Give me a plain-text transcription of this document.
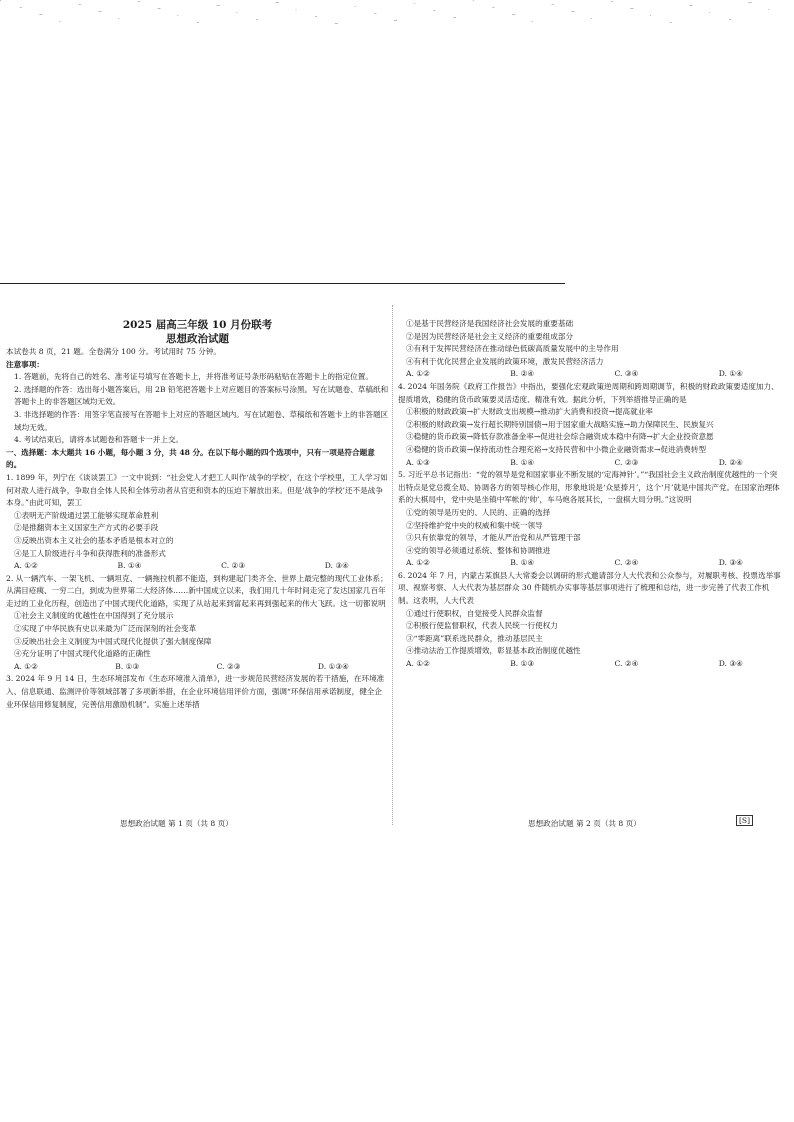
2025 届高三年级 10 月份联考
思想政治试题

本试卷共 8 页，21 题。全卷满分 100 分。考试用时 75 分钟。

注意事项：

1. 答题前，先将自己的姓名、准考证号填写在答题卡上，并将准考证号条形码粘贴在答题卡上的指定位置。

2. 选择题的作答：选出每小题答案后，用 2B 铅笔把答题卡上对应题目的答案标号涂黑。写在试题卷、草稿纸和答题卡上的非答题区域均无效。

3. 非选择题的作答：用签字笔直接写在答题卡上对应的答题区域内。写在试题卷、草稿纸和答题卡上的非答题区域均无效。

4. 考试结束后，请将本试题卷和答题卡一并上交。

一、选择题：本大题共 16 小题，每小题 3 分，共 48 分。在以下每小题的四个选项中，只有一项是符合题意的。

1. 1899 年，列宁在《谈谈罢工》一文中说到：“社会党人才把工人叫作‘战争的学校’，在这个学校里，工人学习如何对敌人进行战争，争取自全体人民和全体劳动者从官吏和资本的压迫下解放出来。但是‘战争的学校’还不是战争本身。”由此可知，罢工

①表明无产阶级通过罢工能够实现革命胜利

②是推翻资本主义国家生产方式的必要手段

③反映出资本主义社会的基本矛盾是根本对立的

④是工人阶级进行斗争和获得胜利的准备形式

A. ①②	B. ①④	C. ②③	D. ③④

2. 从一辆汽车、一架飞机、一辆坦克、一辆拖拉机都不能造，到构建起门类齐全、世界上最完整的现代工业体系；从满目疮痍、一穷二白，到成为世界第二大经济体……新中国成立以来，我们用几十年时间走完了发达国家几百年走过的工业化历程，创造出了中国式现代化道路，实现了从站起来到富起来再到强起来的伟大飞跃。这一切都说明

①社会主义制度的优越性在中国得到了充分展示

②实现了中华民族有史以来最为广泛而深刻的社会变革

③反映出社会主义制度为中国式现代化提供了强大制度保障

④充分证明了中国式现代化道路的正确性

A. ①②	B. ①③	C. ②③	D. ①③④

3. 2024 年 9 月 14 日，生态环境部发布《生态环境准入清单》，进一步规范民营经济发展的若干措施，在环境准入、信息联通、监测评价等领域部署了多项新举措，在企业环境信用评价方面，强调“环保信用承诺制度，健全企业环保信用修复制度，完善信用激励机制”。实施上述举措

①是基于民营经济是我国经济社会发展的重要基础

②是因为民营经济是社会主义经济的重要组成部分

③有利于发挥民营经济在推动绿色低碳高质量发展中的主导作用

④有利于优化民营企业发展的政策环境，激发民营经济活力

A. ①②	B. ②④	C. ③④	D. ①④

4. 2024 年国务院《政府工作报告》中指出，要强化宏观政策逆周期和跨周期调节，积极的财政政策要适度加力、提质增效，稳健的货币政策要灵活适度、精准有效。据此分析，下列举措推导正确的是

①积极的财政政策→扩大财政支出规模→推动扩大消费和投资→提高就业率

②积极的财政政策→发行超长期特别国债→用于国家重大战略实施→助力保障民生、民族复兴

③稳健的货币政策→降低存款准备金率→促进社会综合融资成本稳中有降→扩大企业投资意愿

④稳健的货币政策→保持流动性合理充裕→支持民营和中小微企业融资需求→促进消费转型

A. ①③	B. ①④	C. ②③	D. ②④

5. 习近平总书记指出：“党的领导是党和国家事业不断发展的‘定海神针’。”“我国社会主义政治制度优越性的一个突出特点是党总揽全局、协调各方的领导核心作用，形象地说是‘众星捧月’，这个‘月’就是中国共产党。在国家治理体系的大棋局中，党中央是坐镇中军帐的‘帅’，车马炮各展其长，一盘棋大局分明。”这说明

①党的领导是历史的、人民的、正确的选择

②坚持维护党中央的权威和集中统一领导

③只有依靠党的领导，才能从严治党和从严管理干部

④党的领导必须通过系统、整体和协调推进

A. ①②	B. ①④	C. ②④	D. ③④

6. 2024 年 7 月，内蒙古某旗县人大常委会以调研的形式邀请部分人大代表和公众参与，对履职考核、投票选举事项、视察考察、人大代表为基层群众 30 件随机办实事等基层事项进行了梳理和总结，进一步完善了代表工作机制。这表明，人大代表

①通过行使职权，自觉接受人民群众监督

②积极行使监督职权，代表人民统一行使权力

③“零距离”联系选民群众，推动基层民主

④推动法治工作提质增效，彰显基本政治制度优越性

A. ①②	B. ①③	C. ②④	D. ③④
思想政治试题 第 1 页（共 8 页）	思想政治试题 第 2 页（共 8 页）	[S]
